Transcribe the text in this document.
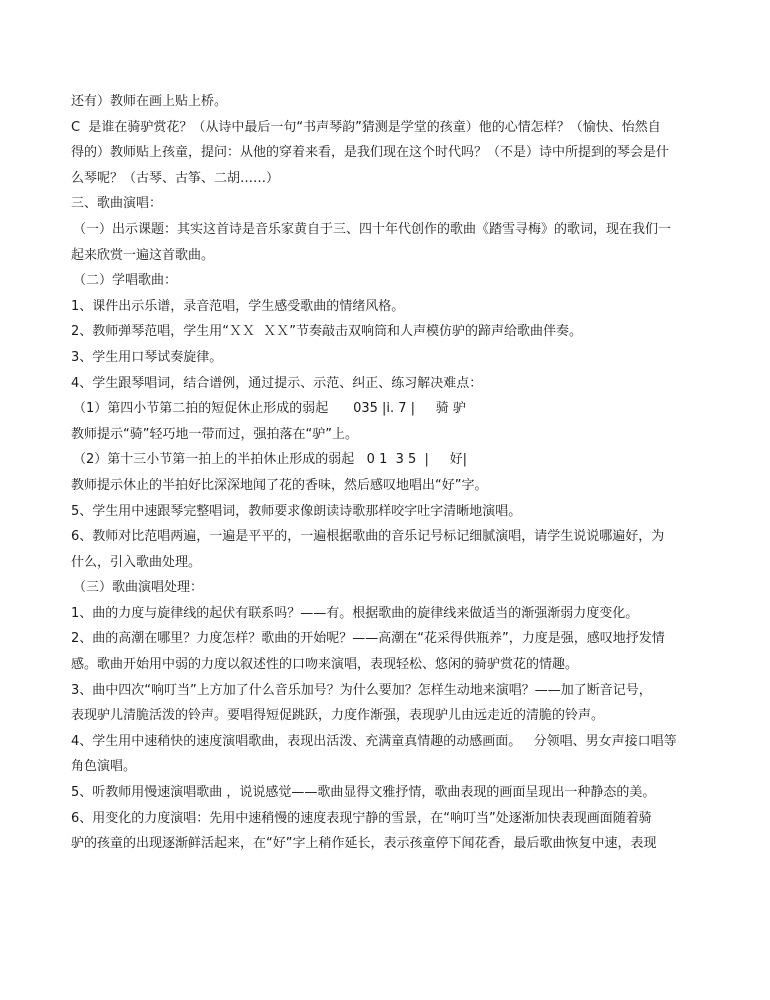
还有）教师在画上贴上桥。
C  是谁在骑驴赏花？（从诗中最后一句“书声琴韵”猜测是学堂的孩童）他的心情怎样？（愉快、怡然自
得的）教师贴上孩童，提问：从他的穿着来看，是我们现在这个时代吗？（不是）诗中所提到的琴会是什
么琴呢？（古琴、古筝、二胡……）
三、歌曲演唱：
（一）出示课题：其实这首诗是音乐家黄自于三、四十年代创作的歌曲《踏雪寻梅》的歌词，现在我们一
起来欣赏一遍这首歌曲。
（二）学唱歌曲：
1、课件出示乐谱，录音范唱，学生感受歌曲的情绪风格。
2、教师弹琴范唱，学生用“ＸＸ  ＸＸ”节奏敲击双响筒和人声模仿驴的蹄声给歌曲伴奏。
3、学生用口琴试奏旋律。
4、学生跟琴唱词，结合谱例，通过提示、示范、纠正、练习解决难点：
（1）第四小节第二拍的短促休止形成的弱起      035 |i. 7 |     骑 驴
教师提示“骑”轻巧地一带而过，强拍落在“驴”上。
（2）第十三小节第一拍上的半拍休止形成的弱起   0 1  3 5  |     好|
教师提示休止的半拍好比深深地闻了花的香味，然后感叹地唱出“好”字。
5、学生用中速跟琴完整唱词，教师要求像朗读诗歌那样咬字吐字清晰地演唱。
6、教师对比范唱两遍，一遍是平平的，一遍根据歌曲的音乐记号标记细腻演唱，请学生说说哪遍好，为
什么，引入歌曲处理。
（三）歌曲演唱处理：
1、曲的力度与旋律线的起伏有联系吗？——有。根据歌曲的旋律线来做适当的渐强渐弱力度变化。
2、曲的高潮在哪里？力度怎样？歌曲的开始呢？——高潮在“花采得供瓶养”，力度是强，感叹地抒发情
感。歌曲开始用中弱的力度以叙述性的口吻来演唱，表现轻松、悠闲的骑驴赏花的情趣。
3、曲中四次“响叮当”上方加了什么音乐加号？为什么要加？怎样生动地来演唱？——加了断音记号，
表现驴儿清脆活泼的铃声。要唱得短促跳跃，力度作渐强，表现驴儿由远走近的清脆的铃声。
4、学生用中速稍快的速度演唱歌曲，表现出活泼、充满童真情趣的动感画面。   分领唱、男女声接口唱等
角色演唱。
5、听教师用慢速演唱歌曲 ，说说感觉——歌曲显得文雅抒情，歌曲表现的画面呈现出一种静态的美。
6、用变化的力度演唱：先用中速稍慢的速度表现宁静的雪景，在“响叮当”处逐渐加快表现画面随着骑
驴的孩童的出现逐渐鲜活起来，在“好”字上稍作延长，表示孩童停下闻花香，最后歌曲恢复中速，表现
